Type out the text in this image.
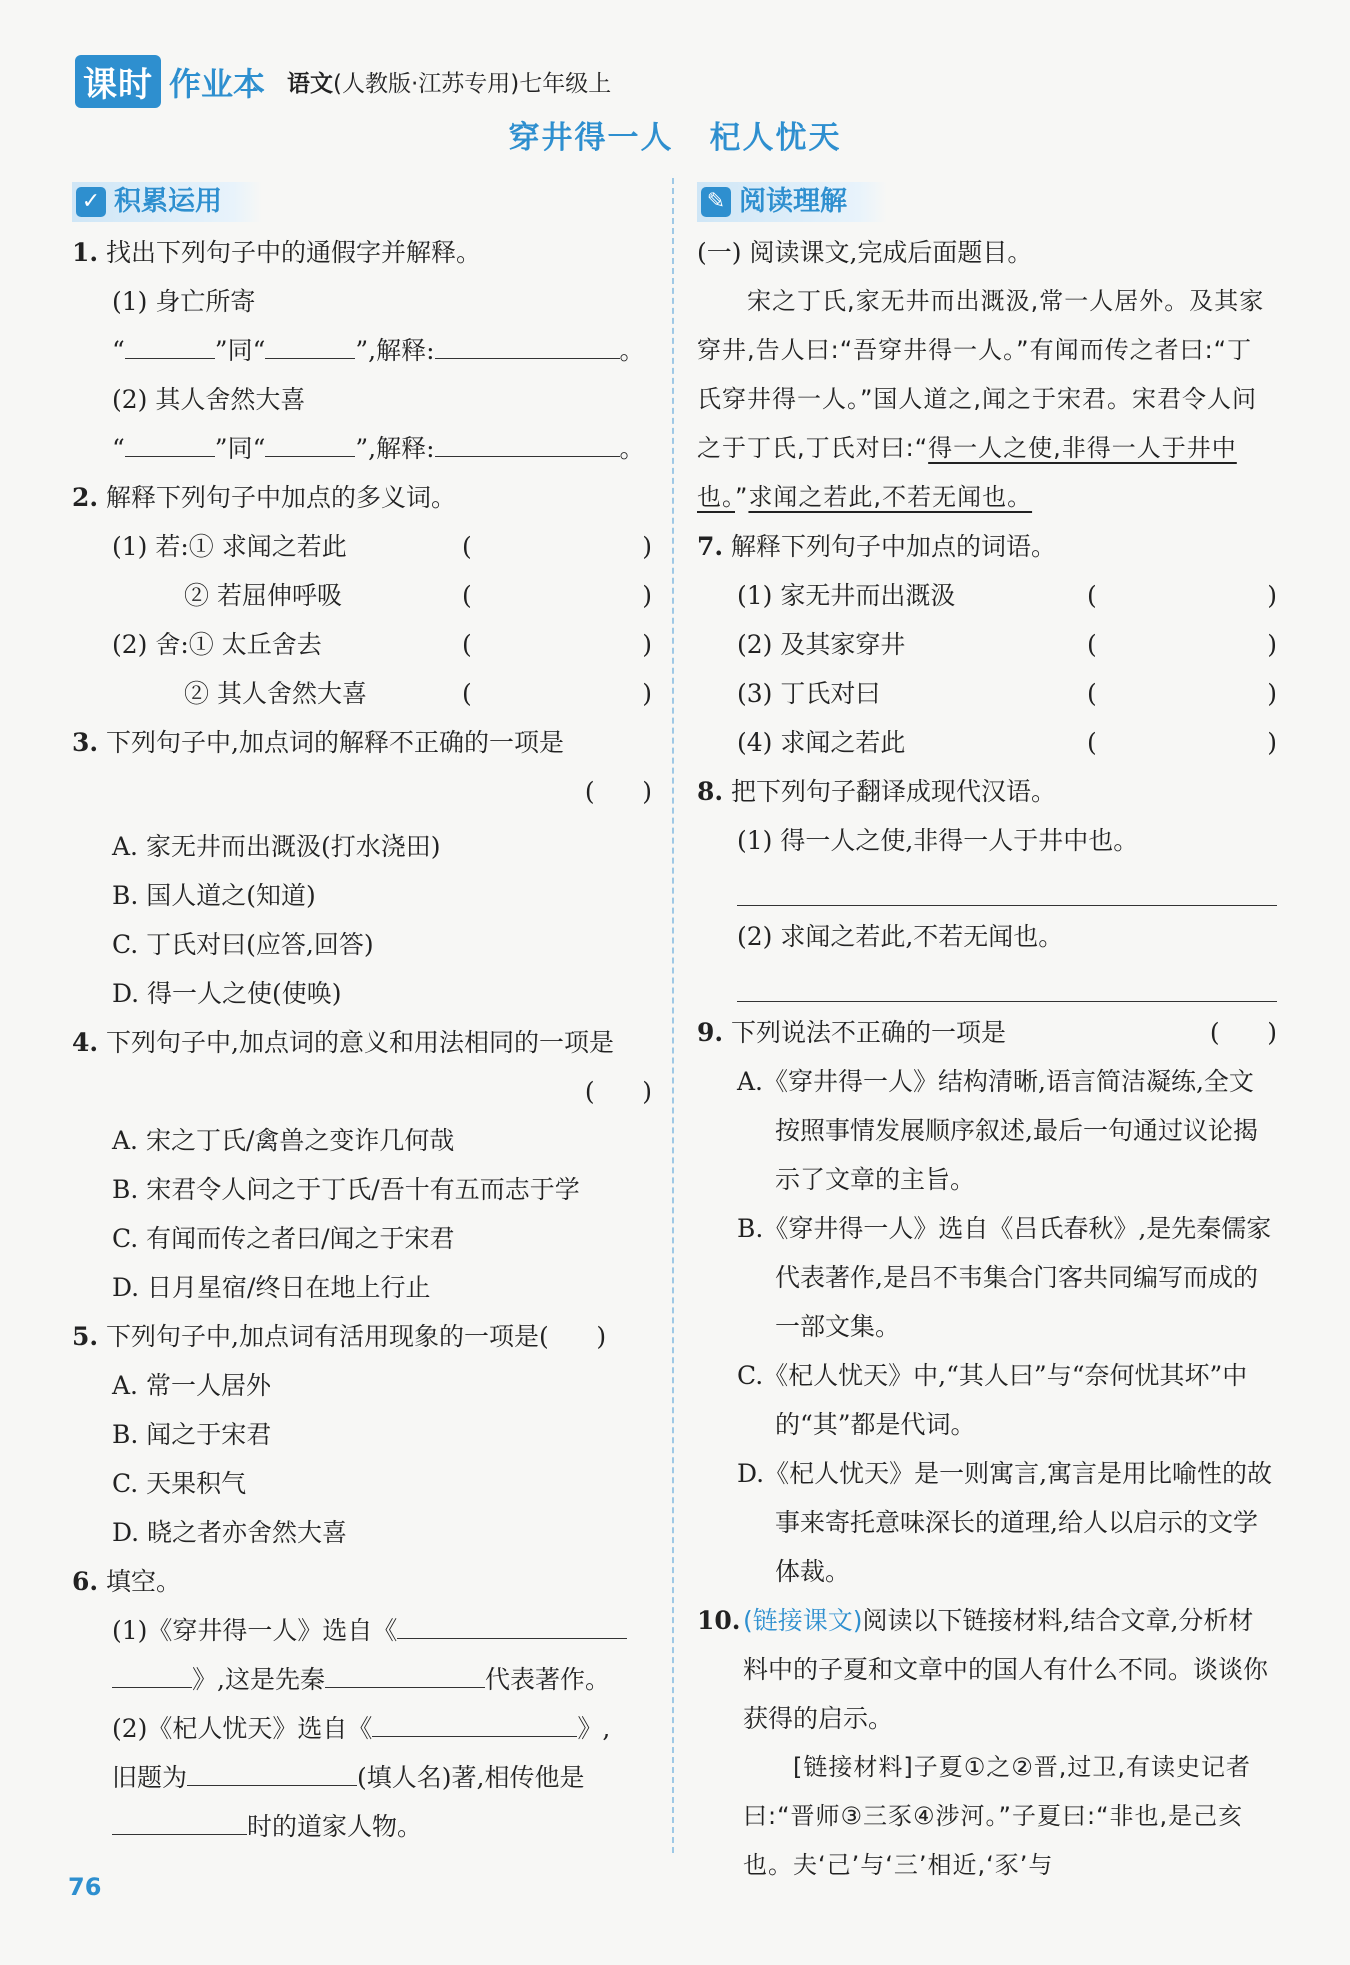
课时 作业本 语文(人教版·江苏专用)七年级上
穿井得一人 杞人忧天
✓ 积累运用
1. 找出下列句子中的通假字并解释。
(1) 身亡所寄
“	”同“	”,解释:	。
(2) 其人舍然大喜
“	”同“	”,解释:	。
2. 解释下列句子中加点的多义词。
(1) 若:① 求闻之若此	(	)
② 若屈伸呼吸	(	)
(2) 舍:① 太丘舍去	(	)
② 其人舍然大喜	(	)
3. 下列句子中,加点词的解释不正确的一项是
(      )
A. 家无井而出溉汲(打水浇田)
B. 国人道之(知道)
C. 丁氏对曰(应答,回答)
D. 得一人之使(使唤)
4. 下列句子中,加点词的意义和用法相同的一项是
(      )
A. 宋之丁氏/禽兽之变诈几何哉
B. 宋君令人问之于丁氏/吾十有五而志于学
C. 有闻而传之者曰/闻之于宋君
D. 日月星宿/终日在地上行止
5. 下列句子中,加点词有活用现象的一项是(      )
A. 常一人居外
B. 闻之于宋君
C. 天果积气
D. 晓之者亦舍然大喜
6. 填空。
(1)《穿井得一人》选自《
》,这是先秦	代表著作。
(2)《杞人忧天》选自《	》,
旧题为	(填人名)著,相传他是
时的道家人物。
✎ 阅读理解
(一) 阅读课文,完成后面题目。
宋之丁氏,家无井而出溉汲,常一人居外。及其家穿井,告人曰:“吾穿井得一人。”有闻而传之者曰:“丁氏穿井得一人。”国人道之,闻之于宋君。宋君令人问之于丁氏,丁氏对曰:“得一人之使,非得一人于井中也。”求闻之若此,不若无闻也。
7. 解释下列句子中加点的词语。
(1) 家无井而出溉汲	(	)
(2) 及其家穿井	(	)
(3) 丁氏对曰	(	)
(4) 求闻之若此	(	)
8. 把下列句子翻译成现代汉语。
(1) 得一人之使,非得一人于井中也。
(2) 求闻之若此,不若无闻也。
9. 下列说法不正确的一项是	(      )
A.《穿井得一人》结构清晰,语言简洁凝练,全文按照事情发展顺序叙述,最后一句通过议论揭示了文章的主旨。
B.《穿井得一人》选自《吕氏春秋》,是先秦儒家代表著作,是吕不韦集合门客共同编写而成的一部文集。
C.《杞人忧天》中,“其人曰”与“奈何忧其坏”中的“其”都是代词。
D.《杞人忧天》是一则寓言,寓言是用比喻性的故事来寄托意味深长的道理,给人以启示的文学体裁。
10. (链接课文)阅读以下链接材料,结合文章,分析材料中的子夏和文章中的国人有什么不同。谈谈你获得的启示。
[链接材料]子夏①之②晋,过卫,有读史记者曰:“晋师③三豕④涉河。”子夏曰:“非也,是己亥也。夫‘己’与‘三’相近,‘豕’与
76
